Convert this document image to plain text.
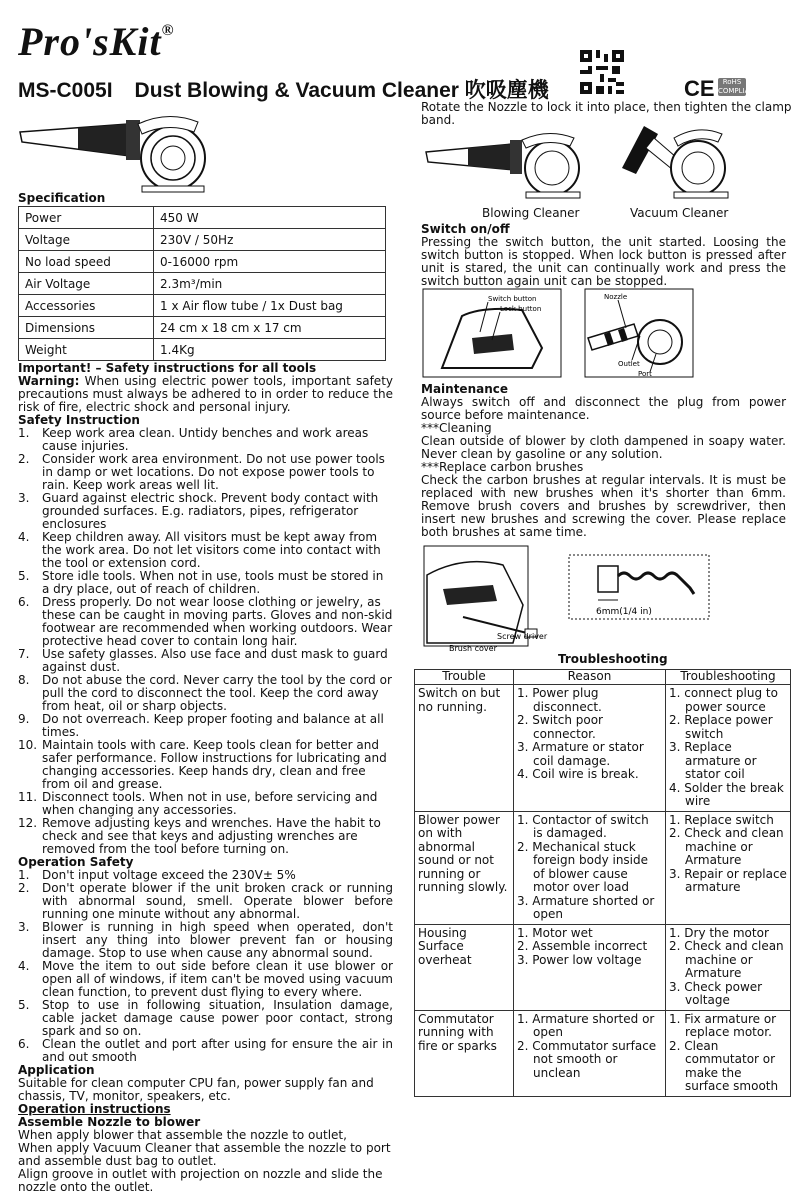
Pro'sKit®
MS-C005I Dust Blowing & Vacuum Cleaner 吹吸塵機	CE	RoHS COMPLIANT
Specification
Power	450 W
Voltage	230V / 50Hz
No load speed	0-16000 rpm
Air Voltage	2.3m³/min
Accessories	1 x Air flow tube / 1x Dust bag
Dimensions	24 cm x 18 cm x 17 cm
Weight	1.4Kg

Important! – Safety instructions for all tools

Warning: When using electric power tools, important safety precautions must always be adhered to in order to reduce the risk of fire, electric shock and personal injury.

Safety Instruction

1. Keep work area clean. Untidy benches and work areas cause injuries.
2. Consider work area environment. Do not use power tools in damp or wet locations. Do not expose power tools to rain. Keep work areas well lit.
3. Guard against electric shock. Prevent body contact with grounded surfaces. E.g. radiators, pipes, refrigerator enclosures
4. Keep children away. All visitors must be kept away from the work area. Do not let visitors come into contact with the tool or extension cord.
5. Store idle tools. When not in use, tools must be stored in a dry place, out of reach of children.
6. Dress properly. Do not wear loose clothing or jewelry, as these can be caught in moving parts. Gloves and non-skid footwear are recommended when working outdoors. Wear protective head cover to contain long hair.
7. Use safety glasses. Also use face and dust mask to guard against dust.
8. Do not abuse the cord. Never carry the tool by the cord or pull the cord to disconnect the tool. Keep the cord away from heat, oil or sharp objects.
9. Do not overreach. Keep proper footing and balance at all times.
10. Maintain tools with care. Keep tools clean for better and safer performance. Follow instructions for lubricating and changing accessories. Keep hands dry, clean and free from oil and grease.
11. Disconnect tools. When not in use, before servicing and when changing any accessories.
12. Remove adjusting keys and wrenches. Have the habit to check and see that keys and adjusting wrenches are removed from the tool before turning on.

Operation Safety

1. Don't input voltage exceed the 230V± 5%
2. Don't operate blower if the unit broken crack or running with abnormal sound, smell. Operate blower before running one minute without any abnormal.
3. Blower is running in high speed when operated, don't insert any thing into blower prevent fan or housing damage. Stop to use when cause any abnormal sound.
4. Move the item to out side before clean it use blower or open all of windows, if item can't be moved using vacuum clean function, to prevent dust flying to every where.
5. Stop to use in following situation, Insulation damage, cable jacket damage cause power poor contact, strong spark and so on.
6. Clean the outlet and port after using for ensure the air in and out smooth

Application

Suitable for clean computer CPU fan, power supply fan and chassis, TV, monitor, speakers, etc.

Operation instructions

Assemble Nozzle to blower

When apply blower that assemble the nozzle to outlet,

When apply Vacuum Cleaner that assemble the nozzle to port and assemble dust bag to outlet.

Align groove in outlet with projection on nozzle and slide the nozzle onto the outlet.

Rotate the Nozzle to lock it into place, then tighten the clamp band.
Blowing Cleaner	Vacuum Cleaner
Switch on/off
Pressing the switch button, the unit started. Loosing the switch button is stopped. When lock button is pressed after unit is stared, the unit can continually work and press the switch button again unit can be stopped.
Switch button
Lock button
Nozzle
Outlet
Port
Maintenance
Always switch off and disconnect the plug from power source before maintenance.
***Cleaning
Clean outside of blower by cloth dampened in soapy water. Never clean by gasoline or any solution.
***Replace carbon brushes
Check the carbon brushes at regular intervals. It is must be replaced with new brushes when it's shorter than 6mm. Remove brush covers and brushes by screwdriver, then insert new brushes and screwing the cover. Please replace both brushes at same time.
Screw driver
Brush cover
6mm(1/4 in)
Troubleshooting
Trouble	Reason	Troubleshooting
Switch on but no running.	1. Power plug disconnect.
2. Switch poor connector.
3. Armature or stator coil damage.
4. Coil wire is break.	1. connect plug to power source
2. Replace power switch
3. Replace armature or stator coil
4. Solder the break wire

Blower power on with abnormal sound or not running or running slowly.	1. Contactor of switch is damaged.
2. Mechanical stuck foreign body inside of blower cause motor over load
3. Armature shorted or open	1. Replace switch
2. Check and clean machine or Armature
3. Repair or replace armature

Housing Surface overheat	1. Motor wet
2. Assemble incorrect
3. Power low voltage	1. Dry the motor
2. Check and clean machine or Armature
3. Check power voltage

Commutator running with fire or sparks	1. Armature shorted or open
2. Commutator surface not smooth or unclean	1. Fix armature or replace motor.
2. Clean commutator or make the surface smooth
